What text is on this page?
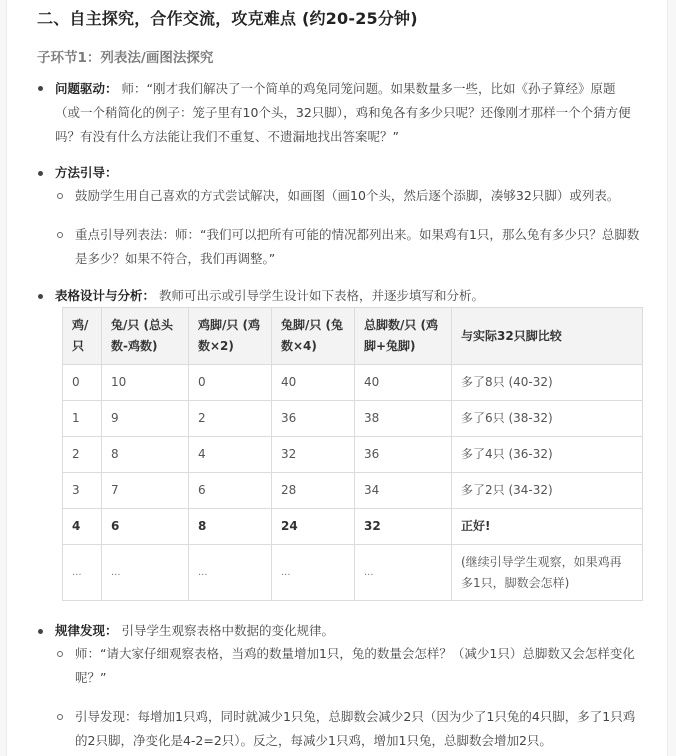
二、自主探究，合作交流，攻克难点 (约20-25分钟)
子环节1：列表法/画图法探究
问题驱动： 师：“刚才我们解决了一个简单的鸡兔同笼问题。如果数量多一些，比如《孙子算经》原题（或一个稍简化的例子：笼子里有10个头，32只脚），鸡和兔各有多少只呢？还像刚才那样一个个猜方便吗？有没有什么方法能让我们不重复、不遗漏地找出答案呢？”
方法引导：
鼓励学生用自己喜欢的方式尝试解决，如画图（画10个头，然后逐个添脚，凑够32只脚）或列表。
重点引导列表法：师：“我们可以把所有可能的情况都列出来。如果鸡有1只，那么兔有多少只？总脚数是多少？如果不符合，我们再调整。”
表格设计与分析： 教师可出示或引导学生设计如下表格，并逐步填写和分析。
鸡/只	兔/只 (总头数-鸡数)	鸡脚/只 (鸡数×2)	兔脚/只 (兔数×4)	总脚数/只 (鸡脚+兔脚)	与实际32只脚比较
0	10	0	40	40	多了8只 (40-32)
1	9	2	36	38	多了6只 (38-32)
2	8	4	32	36	多了4只 (36-32)
3	7	6	28	34	多了2只 (34-32)
4	6	8	24	32	正好!
...	...	...	...	...	(继续引导学生观察，如果鸡再多1只，脚数会怎样)
规律发现： 引导学生观察表格中数据的变化规律。
师：“请大家仔细观察表格，当鸡的数量增加1只，兔的数量会怎样？（减少1只）总脚数又会怎样变化呢？”
引导发现：每增加1只鸡，同时就减少1只兔，总脚数会减少2只（因为少了1只兔的4只脚，多了1只鸡的2只脚，净变化是4-2=2只）。反之，每减少1只鸡，增加1只兔，总脚数会增加2只。
